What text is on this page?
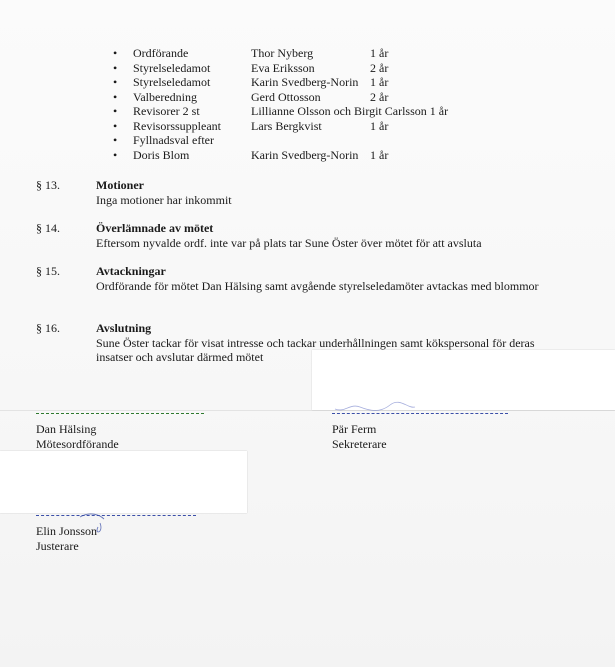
• Ordförande	Thor Nyberg	1 år
• Styrelseledamot	Eva Eriksson	2 år
• Styrelseledamot	Karin Svedberg-Norin 1 år
• Valberedning	Gerd Ottosson	2 år
• Revisorer 2 st	Lillianne Olsson och Birgit Carlsson 1 år
• Revisorssuppleant	Lars Bergkvist	1 år
• Fyllnadsval efter
• Doris Blom	Karin Svedberg-Norin 1 år
§ 13.	Motioner
Inga motioner har inkommit
§ 14.	Överlämnade av mötet
Eftersom nyvalde ordf. inte var på plats tar Sune Öster över mötet för att avsluta
§ 15.	Avtackningar
Ordförande för mötet Dan Hälsing samt avgående styrelseledamöter avtackas med blommor
§ 16.	Avslutning
Sune Öster tackar för visat intresse och tackar underhållningen samt kökspersonal för deras insatser och avslutar därmed mötet
Dan Hälsing
Mötesordförande
Pär Ferm
Sekreterare
Elin Jonsson
Justerare
